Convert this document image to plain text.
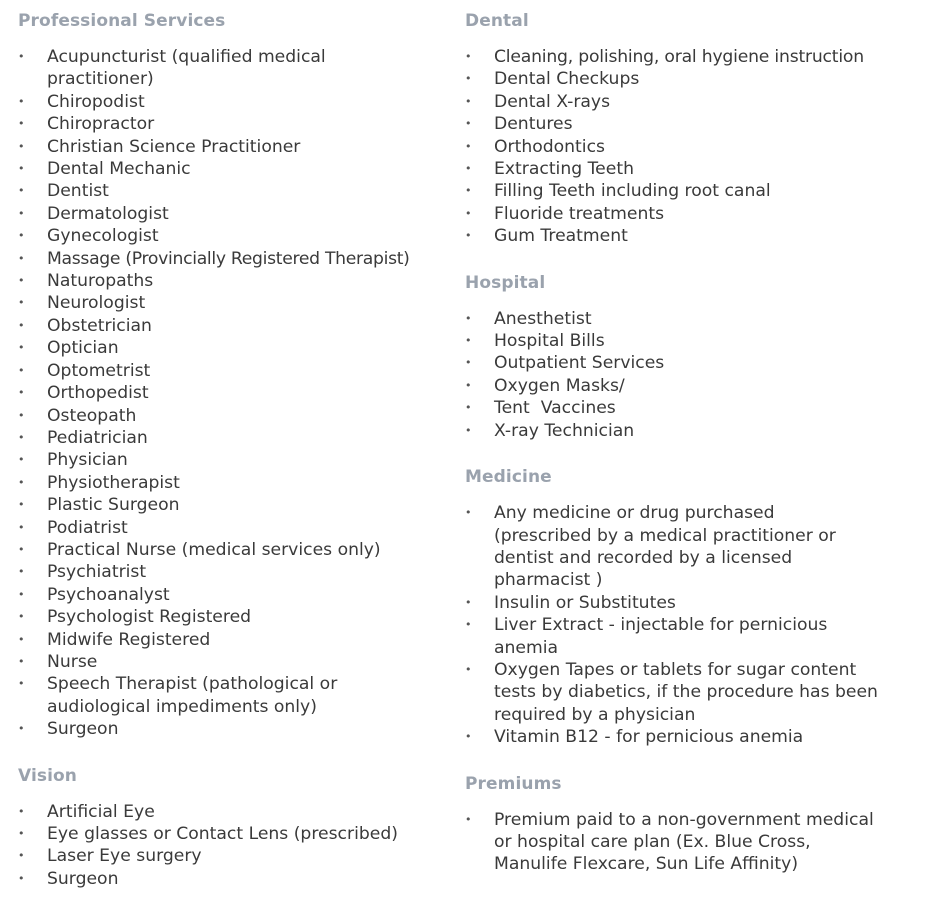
Professional Services
• Acupuncturist (qualified medical practitioner)
• Chiropodist
• Chiropractor
• Christian Science Practitioner
• Dental Mechanic
• Dentist
• Dermatologist
• Gynecologist
• Massage (Provincially Registered Therapist)
• Naturopaths
• Neurologist
• Obstetrician
• Optician
• Optometrist
• Orthopedist
• Osteopath
• Pediatrician
• Physician
• Physiotherapist
• Plastic Surgeon
• Podiatrist
• Practical Nurse (medical services only)
• Psychiatrist
• Psychoanalyst
• Psychologist Registered
• Midwife Registered
• Nurse
• Speech Therapist (pathological or audiological impediments only)
• Surgeon
Vision
• Artificial Eye
• Eye glasses or Contact Lens (prescribed)
• Laser Eye surgery
• Surgeon
Dental
• Cleaning, polishing, oral hygiene instruction
• Dental Checkups
• Dental X-rays
• Dentures
• Orthodontics
• Extracting Teeth
• Filling Teeth including root canal
• Fluoride treatments
• Gum Treatment
Hospital
• Anesthetist
• Hospital Bills
• Outpatient Services
• Oxygen Masks/
• Tent  Vaccines
• X-ray Technician
Medicine
• Any medicine or drug purchased (prescribed by a medical practitioner or dentist and recorded by a licensed pharmacist )
• Insulin or Substitutes
• Liver Extract - injectable for pernicious anemia
• Oxygen Tapes or tablets for sugar content tests by diabetics, if the procedure has been required by a physician
• Vitamin B12 - for pernicious anemia
Premiums
• Premium paid to a non-government medical or hospital care plan (Ex. Blue Cross, Manulife Flexcare, Sun Life Affinity)
